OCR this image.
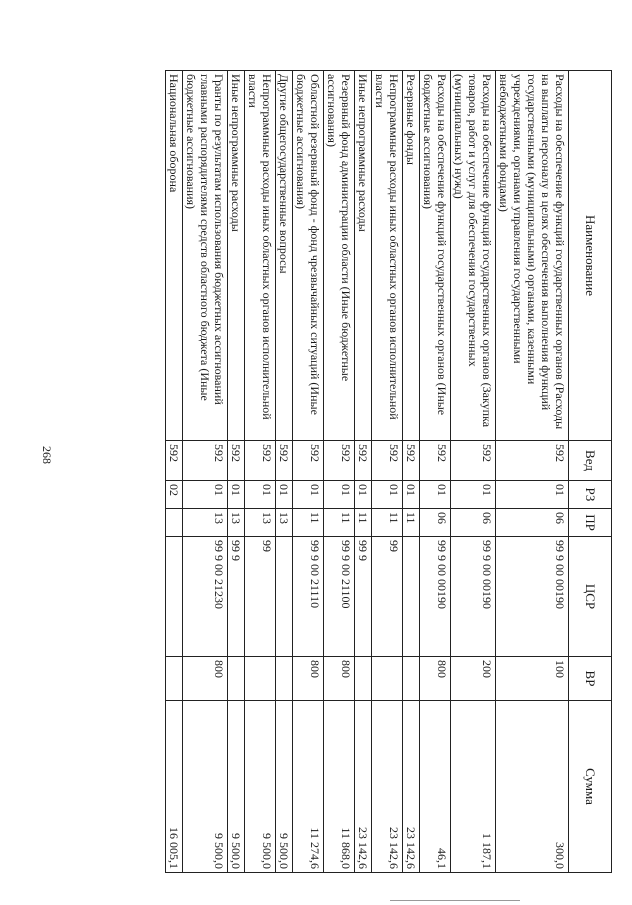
268
Наименование	Вед	РЗ	ПР	ЦСР	ВР	Сумма
Расходы на обеспечение функций государственных органов (Расходы на выплаты персоналу в целях обеспечения выполнения функций государственными (муниципальными) органами, казенными учреждениями, органами управления государственными внебюджетными фондами)	592	01	06	99 9 00 00190	100	300,0
Расходы на обеспечение функций государственных органов (Закупка товаров, работ и услуг для обеспечения государственных (муниципальных) нужд)	592	01	06	99 9 00 00190	200	1 187,1
Расходы на обеспечение функций государственных органов (Иные бюджетные ассигнования)	592	01	06	99 9 00 00190	800	46,1
Резервные фонды	592	01	11			23 142,6
Непрограммные расходы иных областных органов исполнительной власти	592	01	11	99		23 142,6
Иные непрограммные расходы	592	01	11	99 9		23 142,6
Резервный фонд администрации области (Иные бюджетные ассигнования)	592	01	11	99 9 00 21100	800	11 868,0
Областной резервный фонд - фонд чрезвычайных ситуаций (Иные бюджетные ассигнования)	592	01	11	99 9 00 21110	800	11 274,6
Другие общегосударственные вопросы	592	01	13			9 500,0
Непрограммные расходы иных областных органов исполнительной власти	592	01	13	99		9 500,0
Иные непрограммные расходы	592	01	13	99 9		9 500,0
Гранты по результатам использования бюджетных ассигнований главными распорядителями средств областного бюджета (Иные бюджетные ассигнования)	592	01	13	99 9 00 21230	800	9 500,0
Национальная оборона	592	02				16 005,1
